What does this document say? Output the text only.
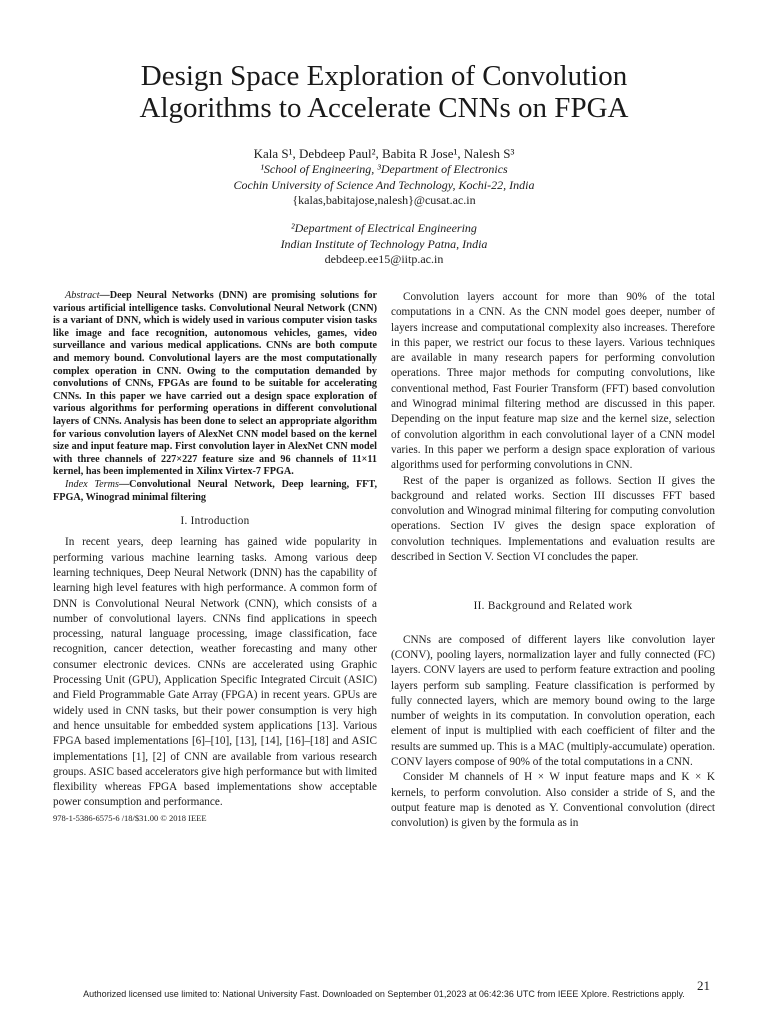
Design Space Exploration of Convolution
Algorithms to Accelerate CNNs on FPGA
Kala S¹, Debdeep Paul², Babita R Jose¹, Nalesh S³
¹School of Engineering, ³Department of Electronics
Cochin University of Science And Technology, Kochi-22, India
{kalas,babitajose,nalesh}@cusat.ac.in
²Department of Electrical Engineering
Indian Institute of Technology Patna, India
debdeep.ee15@iitp.ac.in

Abstract—Deep Neural Networks (DNN) are promising solutions for various artificial intelligence tasks. Convolutional Neural Network (CNN) is a variant of DNN, which is widely used in various computer vision tasks like image and face recognition, autonomous vehicles, games, video surveillance and various medical applications. CNNs are both compute and memory bound. Convolutional layers are the most computationally complex operation in CNN. Owing to the computation demanded by convolutions of CNNs, FPGAs are found to be suitable for accelerating CNNs. In this paper we have carried out a design space exploration of various algorithms for performing operations in different convolutional layers of CNNs. Analysis has been done to select an appropriate algorithm for various convolution layers of AlexNet CNN model based on the kernel size and input feature map. First convolution layer in AlexNet CNN model with three channels of 227×227 feature size and 96 channels of 11×11 kernel, has been implemented in Xilinx Virtex-7 FPGA.

Index Terms—Convolutional Neural Network, Deep learning, FFT, FPGA, Winograd minimal filtering

I. Introduction

In recent years, deep learning has gained wide popularity in performing various machine learning tasks. Among various deep learning techniques, Deep Neural Network (DNN) has the capability of learning high level features with high performance. A common form of DNN is Convolutional Neural Network (CNN), which consists of a number of convolutional layers. CNNs find applications in speech processing, natural language processing, image classification, face recognition, cancer detection, weather forecasting and many other consumer electronic devices. CNNs are accelerated using Graphic Processing Unit (GPU), Application Specific Integrated Circuit (ASIC) and Field Programmable Gate Array (FPGA) in recent years. GPUs are widely used in CNN tasks, but their power consumption is very high and hence unsuitable for embedded system applications [13]. Various FPGA based implementations [6]–[10], [13], [14], [16]–[18] and ASIC implementations [1], [2] of CNN are available from various research groups. ASIC based accelerators give high performance but with limited flexibility whereas FPGA based implementations show acceptable power consumption and performance.

978-1-5386-6575-6 /18/$31.00 © 2018 IEEE

Convolution layers account for more than 90% of the total computations in a CNN. As the CNN model goes deeper, number of layers increase and computational complexity also increases. Therefore in this paper, we restrict our focus to these layers. Various techniques are available in many research papers for performing convolution operations. Three major methods for computing convolutions, like conventional method, Fast Fourier Transform (FFT) based convolution and Winograd minimal filtering method are discussed in this paper. Depending on the input feature map size and the kernel size, selection of convolution algorithm in each convolutional layer of a CNN model varies. In this paper we perform a design space exploration of various algorithms used for performing convolutions in CNN.

Rest of the paper is organized as follows. Section II gives the background and related works. Section III discusses FFT based convolution and Winograd minimal filtering for computing convolution operations. Section IV gives the design space exploration of convolution techniques. Implementations and evaluation results are described in Section V. Section VI concludes the paper.

II. Background and Related work

CNNs are composed of different layers like convolution layer (CONV), pooling layers, normalization layer and fully connected (FC) layers. CONV layers are used to perform feature extraction and pooling layers perform sub sampling. Feature classification is performed by fully connected layers, which are memory bound owing to the large number of weights in its computation. In convolution operation, each element of input is multiplied with each coefficient of filter and the results are summed up. This is a MAC (multiply-accumulate) operation. CONV layers compose of 90% of the total computations in a CNN.

Consider M channels of H × W input feature maps and K × K kernels, to perform convolution. Also consider a stride of S, and the output feature map is denoted as Y. Conventional convolution (direct convolution) is given by the formula as in

21
Authorized licensed use limited to: National University Fast. Downloaded on September 01,2023 at 06:42:36 UTC from IEEE Xplore. Restrictions apply.
